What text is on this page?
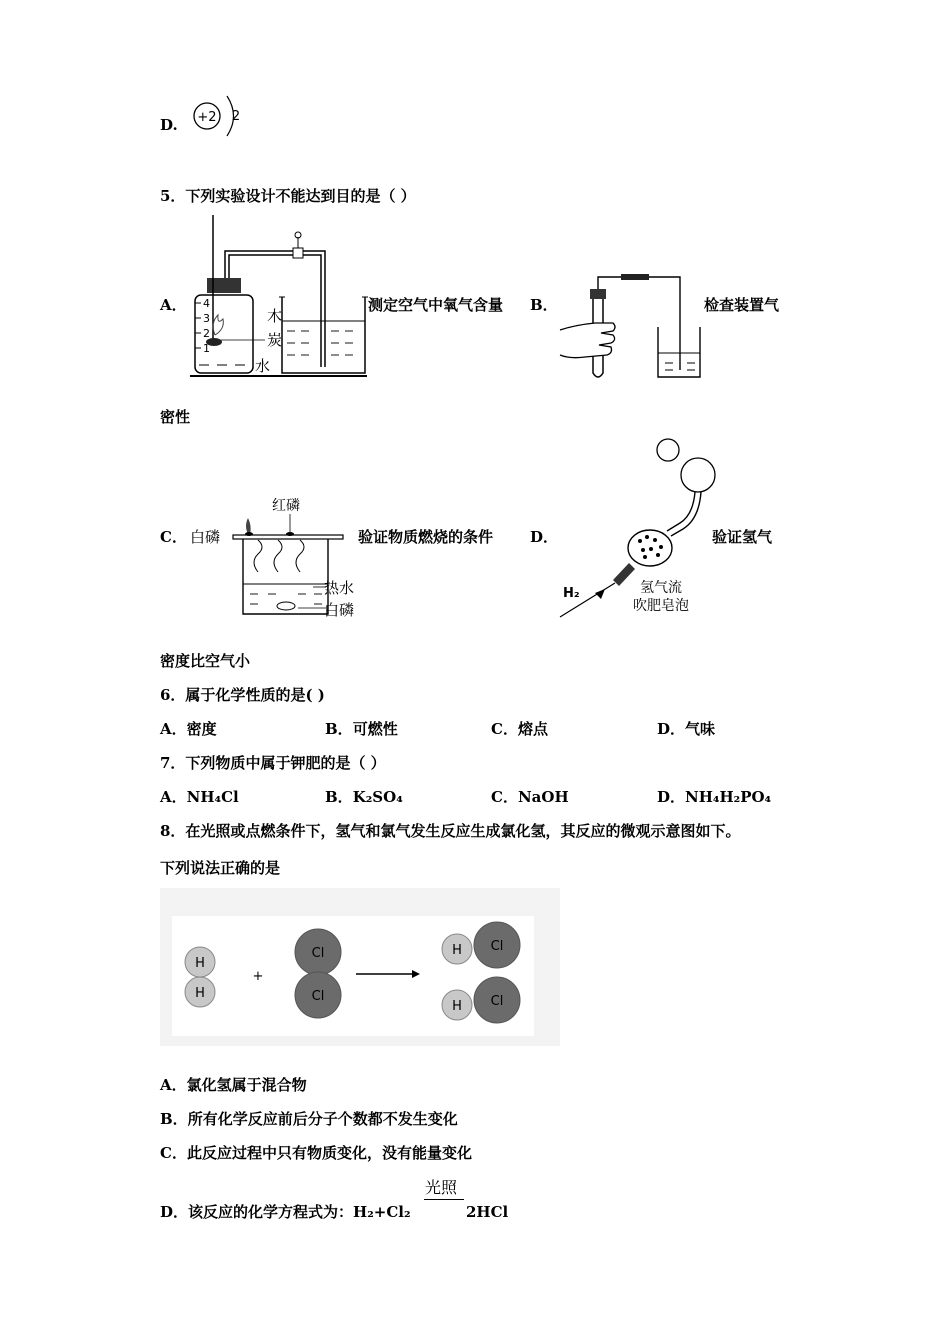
D. +2 2
5．下列实验设计不能达到目的是（ ）
A． 4
3
2
1
木
炭
水
测定空气中氧气含量 B．	检查装置气
密性
C． 白磷
红磷
热水
白磷
验证物质燃烧的条件 D．
H₂	氢气流
吹肥皂泡
验证氢气
密度比空气小
6．属于化学性质的是( )
A．密度	B．可燃性	C．熔点	D．气味
7．下列物质中属于钾肥的是（ ）
A．NH₄Cl	B．K₂SO₄	C．NaOH	D．NH₄H₂PO₄
8．在光照或点燃条件下，氢气和氯气发生反应生成氯化氢，其反应的微观示意图如下。
下列说法正确的是
H
H
+
Cl
Cl
H Cl
H Cl
A．氯化氢属于混合物
B．所有化学反应前后分子个数都不发生变化
C．此反应过程中只有物质变化，没有能量变化
D．该反应的化学方程式为：H₂+Cl₂
光照
2HCl
